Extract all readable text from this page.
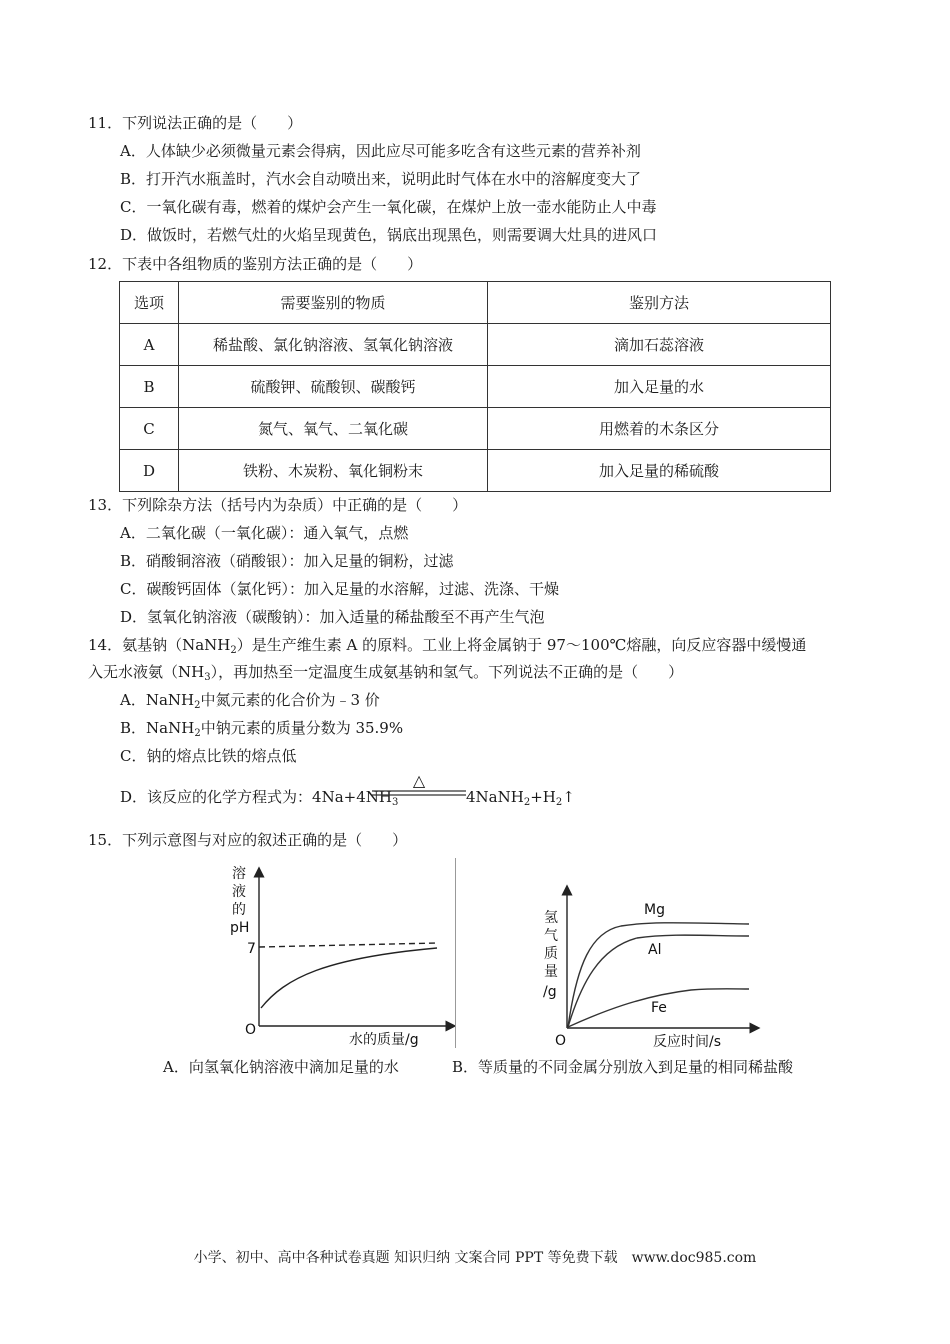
11．下列说法正确的是（　　）
A．人体缺少必须微量元素会得病，因此应尽可能多吃含有这些元素的营养补剂
B．打开汽水瓶盖时，汽水会自动喷出来，说明此时气体在水中的溶解度变大了
C．一氧化碳有毒，燃着的煤炉会产生一氧化碳，在煤炉上放一壶水能防止人中毒
D．做饭时，若燃气灶的火焰呈现黄色，锅底出现黑色，则需要调大灶具的进风口
12．下表中各组物质的鉴别方法正确的是（　　）
选项	需要鉴别的物质	鉴别方法
A	稀盐酸、氯化钠溶液、氢氧化钠溶液	滴加石蕊溶液
B	硫酸钾、硫酸钡、碳酸钙	加入足量的水
C	氮气、氧气、二氧化碳	用燃着的木条区分
D	铁粉、木炭粉、氧化铜粉末	加入足量的稀硫酸
13．下列除杂方法（括号内为杂质）中正确的是（　　）
A．二氧化碳（一氧化碳）：通入氧气，点燃
B．硝酸铜溶液（硝酸银）：加入足量的铜粉，过滤
C．碳酸钙固体（氯化钙）：加入足量的水溶解，过滤、洗涤、干燥
D．氢氧化钠溶液（碳酸钠）：加入适量的稀盐酸至不再产生气泡
14．氨基钠（NaNH$_2$）是生产维生素 A 的原料。工业上将金属钠于 97～100℃熔融，向反应容器中缓慢通
入无水液氨$(NH_3)$，再加热至一定温度生成氨基钠和氢气。下列说法不正确的是（　　）
A．NaNH$_2$中氮元素的化合价为﹣3 价
B．NaNH$_2$中钠元素的质量分数为 35.9%
C．钠的熔点比铁的熔点低
D．该反应的化学方程式为：$4Na+4NH_3$
△
$4NaNH_2+H_2↑$
15．下列示意图与对应的叙述正确的是（　　）
溶
液
的
pH
7
O
水的质量/g
氢
气
质
量
/g
O	反应时间/s
Mg
Al
Fe
A．向氢氧化钠溶液中滴加足量的水	B．等质量的不同金属分别放入到足量的相同稀盐酸
小学、初中、高中各种试卷真题 知识归纳 文案合同 PPT 等免费下载　www.doc985.com
